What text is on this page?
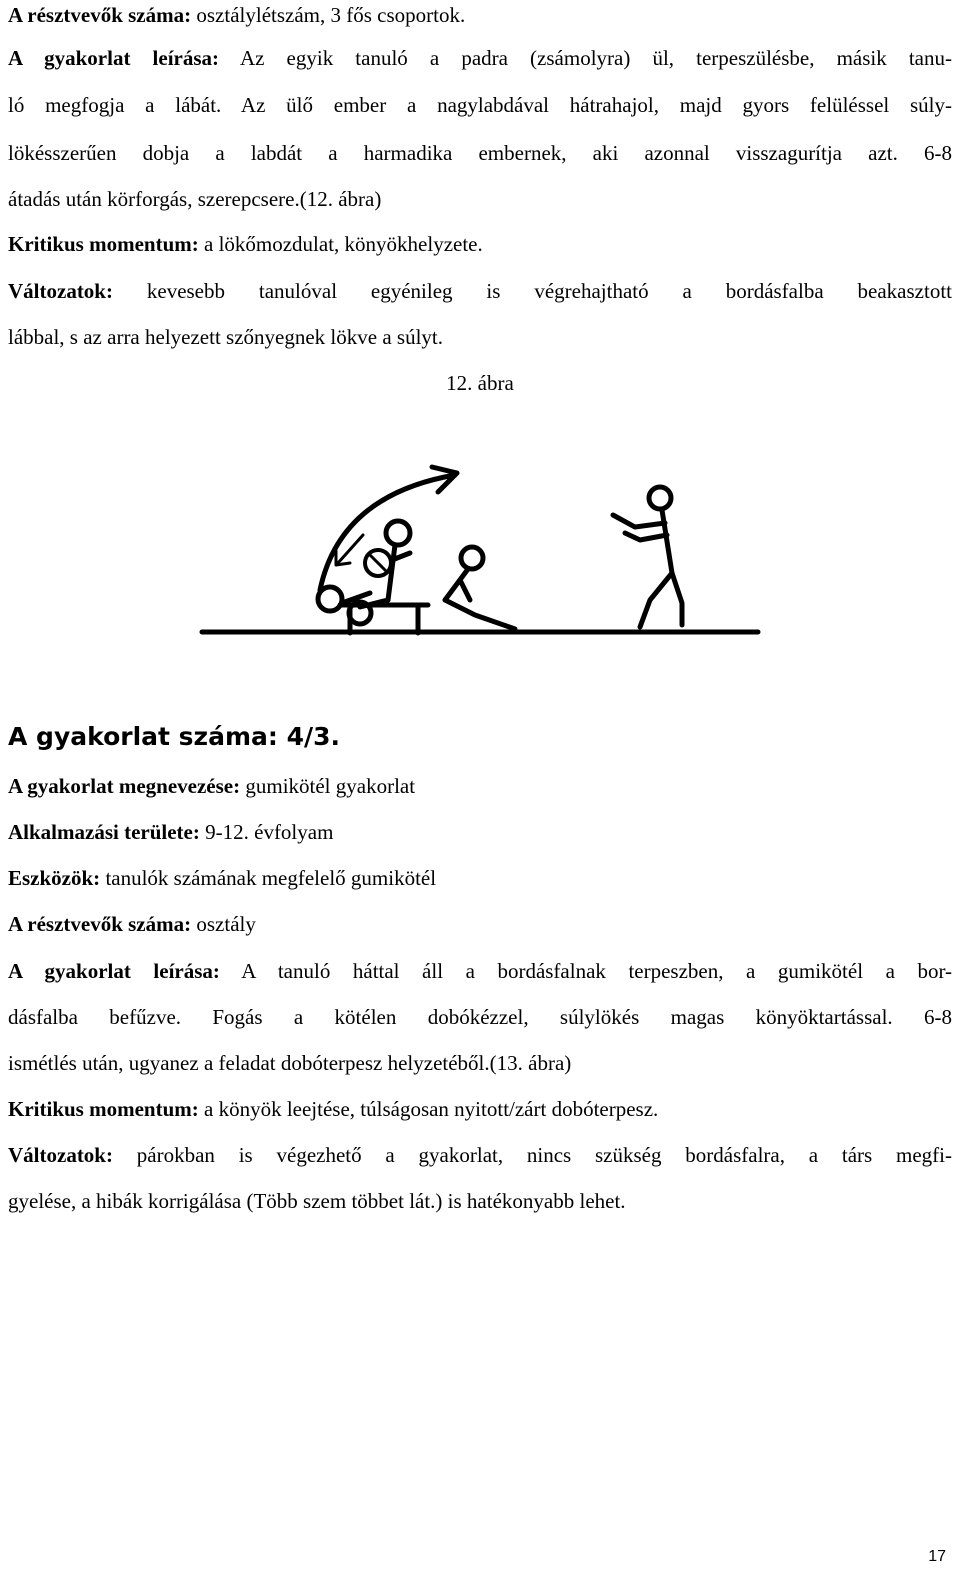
A résztvevők száma: osztálylétszám, 3 fős csoportok.
A gyakorlat leírása: Az egyik tanuló a padra (zsámolyra) ül, terpeszülésbe, másik tanu-
ló megfogja a lábát. Az ülő ember a nagylabdával hátrahajol, majd gyors felüléssel súly-
lökésszerűen dobja a labdát a harmadika embernek, aki azonnal visszagurítja azt. 6-8
átadás után körforgás, szerepcsere.(12. ábra)
Kritikus momentum: a lökőmozdulat, könyökhelyzete.
Változatok: kevesebb tanulóval egyénileg is végrehajtható a bordásfalba beakasztott
lábbal, s az arra helyezett szőnyegnek lökve a súlyt.
12. ábra
A gyakorlat száma: 4/3.
A gyakorlat megnevezése: gumikötél gyakorlat
Alkalmazási területe: 9-12. évfolyam
Eszközök: tanulók számának megfelelő gumikötél
A résztvevők száma: osztály
A gyakorlat leírása: A tanuló háttal áll a bordásfalnak terpeszben, a gumikötél a bor-
dásfalba befűzve. Fogás a kötélen dobókézzel, súlylökés magas könyöktartással. 6-8
ismétlés után, ugyanez a feladat dobóterpesz helyzetéből.(13. ábra)
Kritikus momentum: a könyök leejtése, túlságosan nyitott/zárt dobóterpesz.
Változatok: párokban is végezhető a gyakorlat, nincs szükség bordásfalra, a társ megfi-
gyelése, a hibák korrigálása (Több szem többet lát.) is hatékonyabb lehet.
17
